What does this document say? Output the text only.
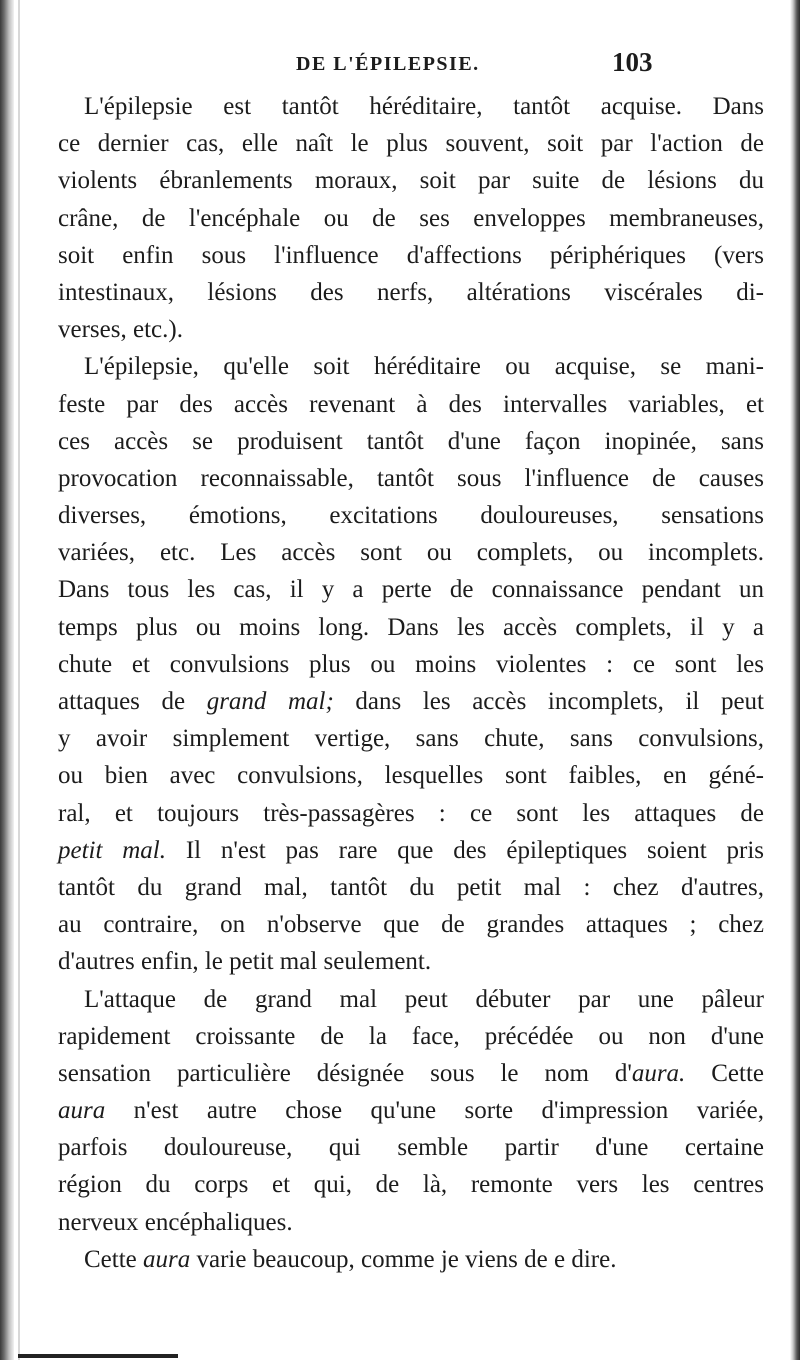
DE L'ÉPILEPSIE.	103
L'épilepsie est tantôt héréditaire, tantôt acquise. Dans
ce dernier cas, elle naît le plus souvent, soit par l'action de
violents ébranlements moraux, soit par suite de lésions du
crâne, de l'encéphale ou de ses enveloppes membraneuses,
soit enfin sous l'influence d'affections périphériques (vers
intestinaux, lésions des nerfs, altérations viscérales di-
verses, etc.).
L'épilepsie, qu'elle soit héréditaire ou acquise, se mani-
feste par des accès revenant à des intervalles variables, et
ces accès se produisent tantôt d'une façon inopinée, sans
provocation reconnaissable, tantôt sous l'influence de causes
diverses, émotions, excitations douloureuses, sensations
variées, etc. Les accès sont ou complets, ou incomplets.
Dans tous les cas, il y a perte de connaissance pendant un
temps plus ou moins long. Dans les accès complets, il y a
chute et convulsions plus ou moins violentes : ce sont les
attaques de grand mal; dans les accès incomplets, il peut
y avoir simplement vertige, sans chute, sans convulsions,
ou bien avec convulsions, lesquelles sont faibles, en géné-
ral, et toujours très-passagères : ce sont les attaques de
petit mal. Il n'est pas rare que des épileptiques soient pris
tantôt du grand mal, tantôt du petit mal : chez d'autres,
au contraire, on n'observe que de grandes attaques ; chez
d'autres enfin, le petit mal seulement.
L'attaque de grand mal peut débuter par une pâleur
rapidement croissante de la face, précédée ou non d'une
sensation particulière désignée sous le nom d'aura. Cette
aura n'est autre chose qu'une sorte d'impression variée,
parfois douloureuse, qui semble partir d'une certaine
région du corps et qui, de là, remonte vers les centres
nerveux encéphaliques.
Cette aura varie beaucoup, comme je viens de e dire.
